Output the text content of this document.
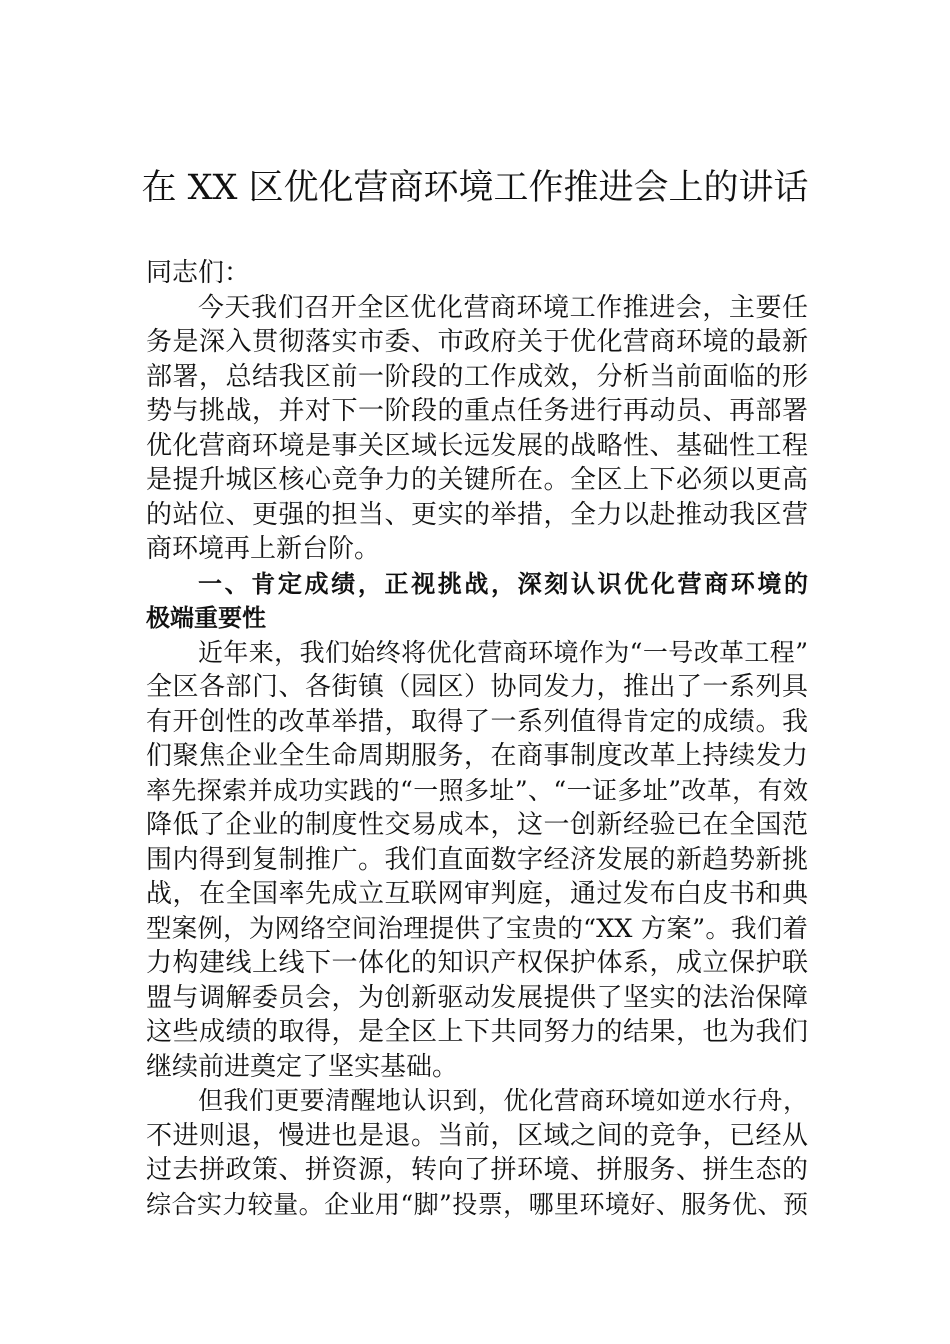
在 XX 区优化营商环境工作推进会上的讲话
同志们：
今天我们召开全区优化营商环境工作推进会，主要任
务是深入贯彻落实市委、市政府关于优化营商环境的最新
部署，总结我区前一阶段的工作成效，分析当前面临的形
势与挑战，并对下一阶段的重点任务进行再动员、再部署
优化营商环境是事关区域长远发展的战略性、基础性工程
是提升城区核心竞争力的关键所在。全区上下必须以更高
的站位、更强的担当、更实的举措，全力以赴推动我区营
商环境再上新台阶。
一、肯定成绩，正视挑战，深刻认识优化营商环境的
极端重要性
近年来，我们始终将优化营商环境作为“一号改革工程”
全区各部门、各街镇（园区）协同发力，推出了一系列具
有开创性的改革举措，取得了一系列值得肯定的成绩。我
们聚焦企业全生命周期服务，在商事制度改革上持续发力
率先探索并成功实践的“一照多址”、“一证多址”改革，有效
降低了企业的制度性交易成本，这一创新经验已在全国范
围内得到复制推广。我们直面数字经济发展的新趋势新挑
战，在全国率先成立互联网审判庭，通过发布白皮书和典
型案例，为网络空间治理提供了宝贵的“XX 方案”。我们着
力构建线上线下一体化的知识产权保护体系，成立保护联
盟与调解委员会，为创新驱动发展提供了坚实的法治保障
这些成绩的取得，是全区上下共同努力的结果，也为我们
继续前进奠定了坚实基础。
但我们更要清醒地认识到，优化营商环境如逆水行舟，
不进则退，慢进也是退。当前，区域之间的竞争，已经从
过去拼政策、拼资源，转向了拼环境、拼服务、拼生态的
综合实力较量。企业用“脚”投票，哪里环境好、服务优、预
